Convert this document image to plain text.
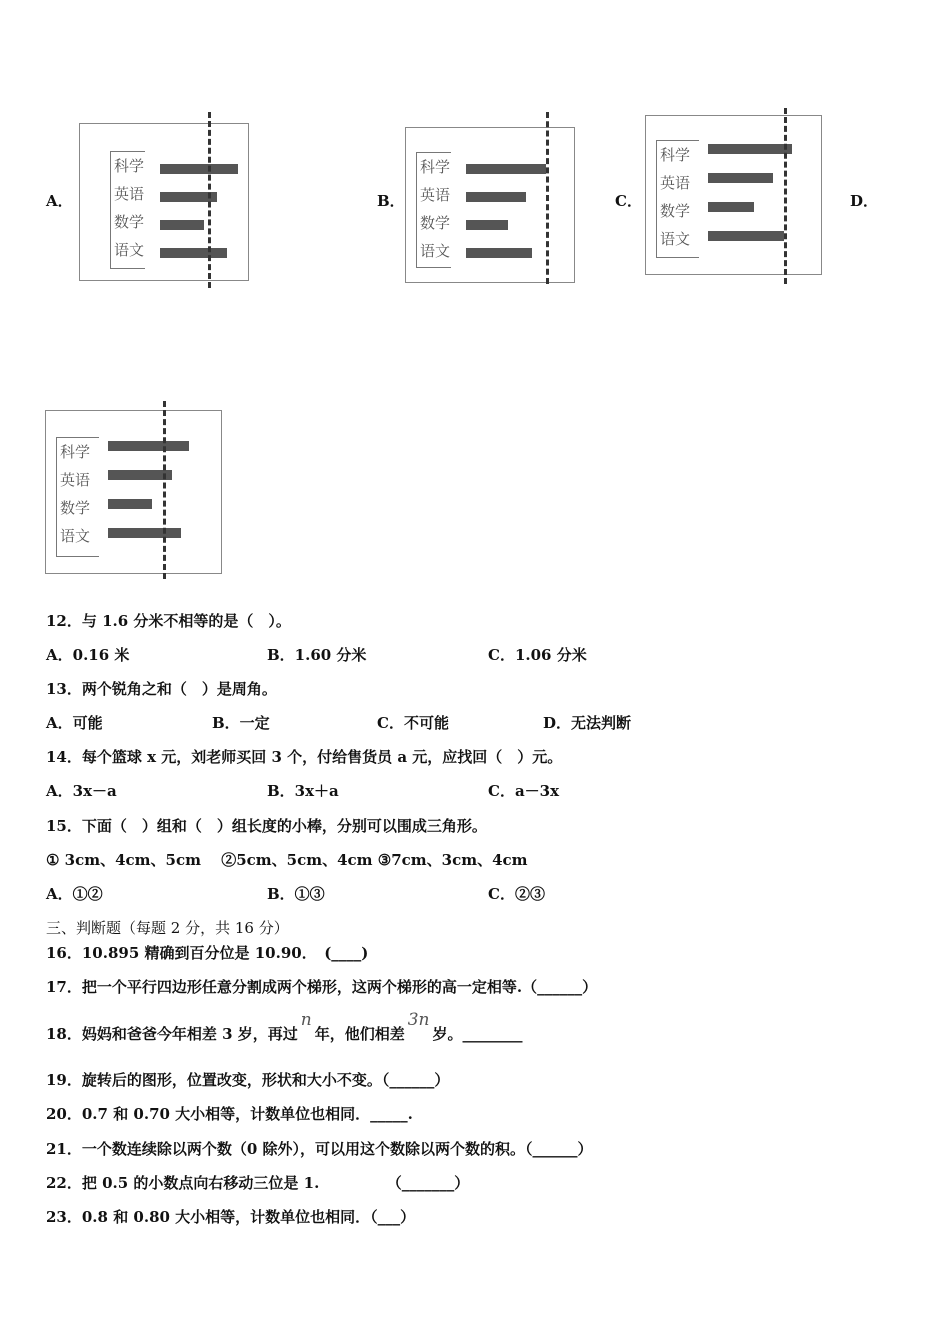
A．	B．	C．	D．
科学
英语
数学
语文
科学
英语
数学
语文
科学
英语
数学
语文
科学
英语
数学
语文
12．与 1.6 分米不相等的是（　）。
A．0.16 米	B．1.60 分米	C．1.06 分米
13．两个锐角之和（　）是周角。
A．可能	B．一定	C．不可能	D．无法判断
14．每个篮球 x 元，刘老师买回 3 个，付给售货员 a 元，应找回（　）元。
A．3x－a	B．3x＋a	C．a－3x
15．下面（　）组和（　）组长度的小棒，分别可以围成三角形。
① 3cm、4cm、5cm　 ②5cm、5cm、4cm ③7cm、3cm、4cm
A．①②	B．①③	C．②③
三、判断题（每题 2 分，共 16 分）
16．10.895 精确到百分位是 10.90．　(____)
17．把一个平行四边形任意分割成两个梯形，这两个梯形的高一定相等.（______）
18．妈妈和爸爸今年相差 3 岁，再过n年，他们相差3n岁。________
19．旋转后的图形，位置改变，形状和大小不变。（______）
20．0.7 和 0.70 大小相等，计数单位也相同．_____.
21．一个数连续除以两个数（0 除外），可以用这个数除以两个数的积。（______）
22．把 0.5 的小数点向右移动三位是 1.　　　　　（_______）
23．0.8 和 0.80 大小相等，计数单位也相同．（___）
